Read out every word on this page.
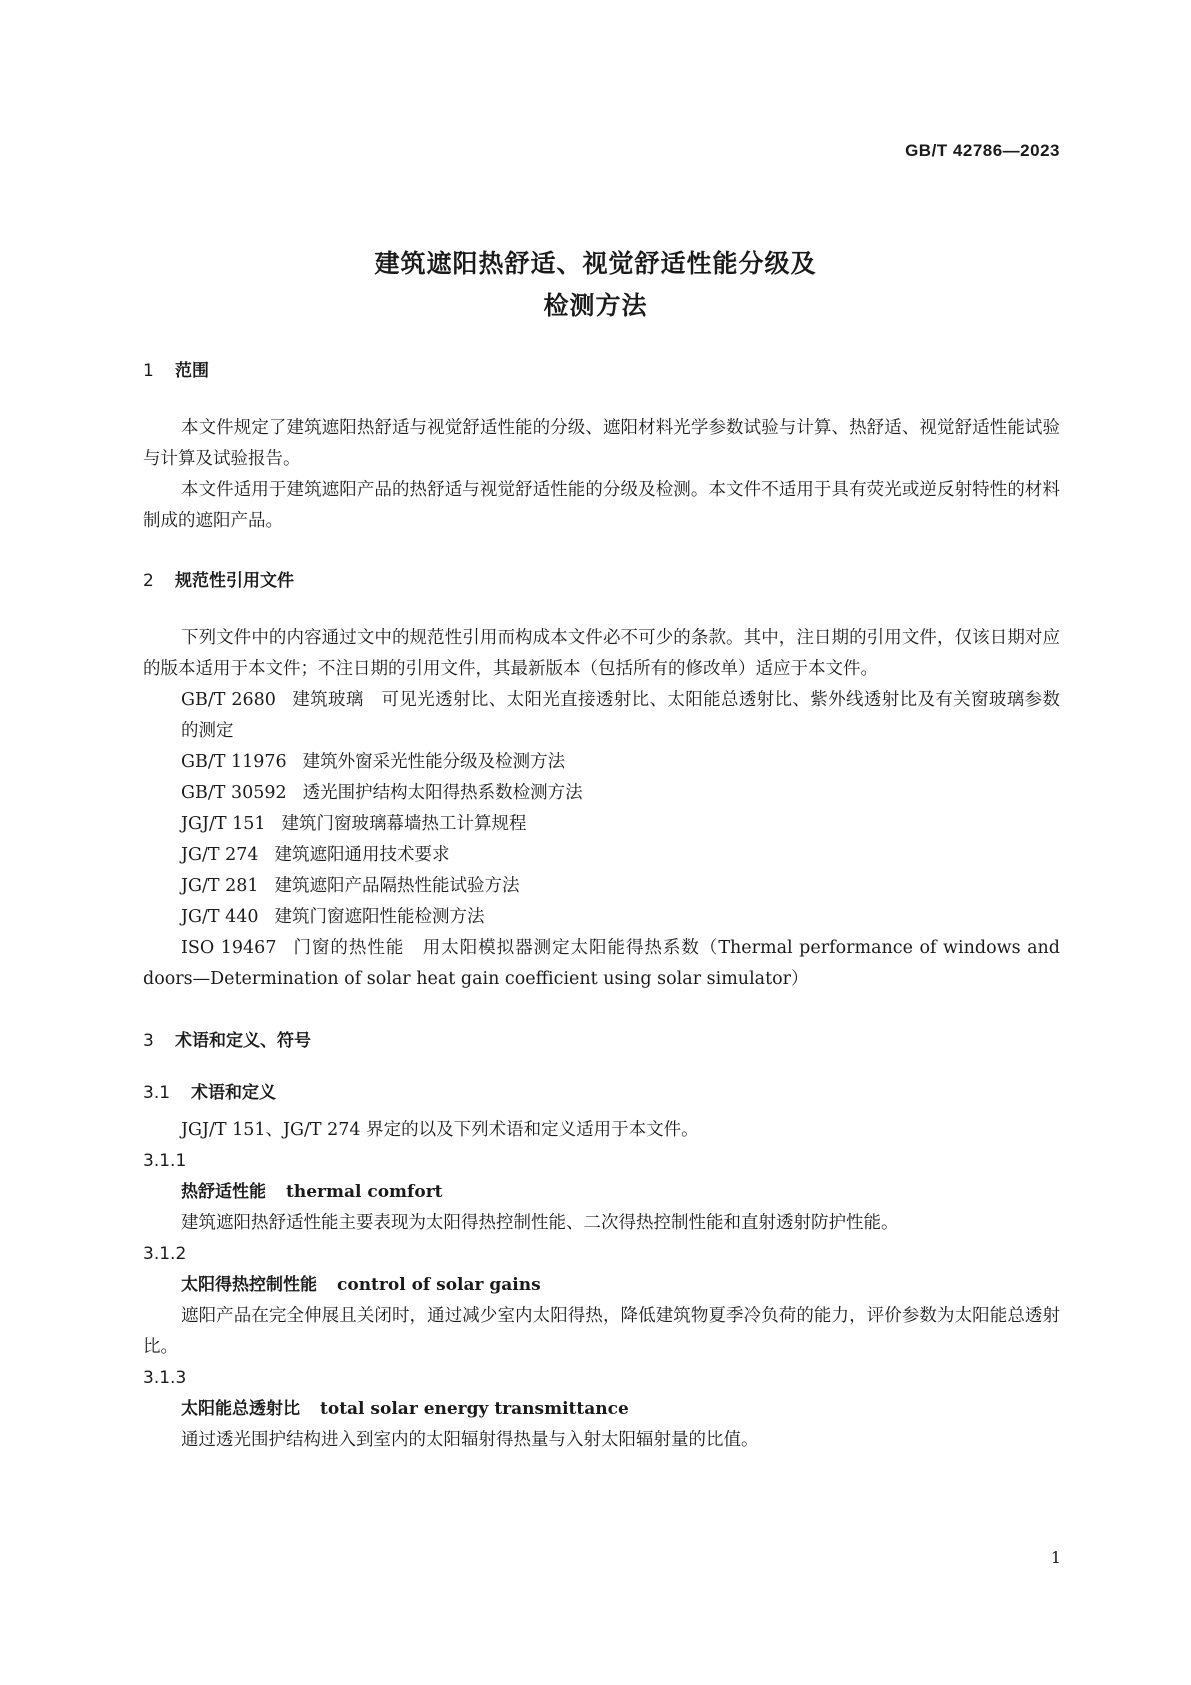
GB/T 42786—2023
建筑遮阳热舒适、视觉舒适性能分级及
检测方法
1 范围

本文件规定了建筑遮阳热舒适与视觉舒适性能的分级、遮阳材料光学参数试验与计算、热舒适、视觉舒适性能试验与计算及试验报告。

本文件适用于建筑遮阳产品的热舒适与视觉舒适性能的分级及检测。本文件不适用于具有荧光或逆反射特性的材料制成的遮阳产品。

2 规范性引用文件

下列文件中的内容通过文中的规范性引用而构成本文件必不可少的条款。其中，注日期的引用文件，仅该日期对应的版本适用于本文件；不注日期的引用文件，其最新版本（包括所有的修改单）适应于本文件。

GB/T 2680 建筑玻璃　可见光透射比、太阳光直接透射比、太阳能总透射比、紫外线透射比及有关窗玻璃参数的测定
GB/T 11976 建筑外窗采光性能分级及检测方法
GB/T 30592 透光围护结构太阳得热系数检测方法
JGJ/T 151 建筑门窗玻璃幕墙热工计算规程
JG/T 274 建筑遮阳通用技术要求
JG/T 281 建筑遮阳产品隔热性能试验方法
JG/T 440 建筑门窗遮阳性能检测方法
ISO 19467 门窗的热性能　用太阳模拟器测定太阳能得热系数（Thermal performance of windows and doors—Determination of solar heat gain coefficient using solar simulator）
3 术语和定义、符号
3.1 术语和定义

JGJ/T 151、JG/T 274 界定的以及下列术语和定义适用于本文件。

3.1.1
热舒适性能 thermal comfort

建筑遮阳热舒适性能主要表现为太阳得热控制性能、二次得热控制性能和直射透射防护性能。

3.1.2
太阳得热控制性能 control of solar gains

遮阳产品在完全伸展且关闭时，通过减少室内太阳得热，降低建筑物夏季冷负荷的能力，评价参数为太阳能总透射比。

3.1.3
太阳能总透射比 total solar energy transmittance

通过透光围护结构进入到室内的太阳辐射得热量与入射太阳辐射量的比值。

1
